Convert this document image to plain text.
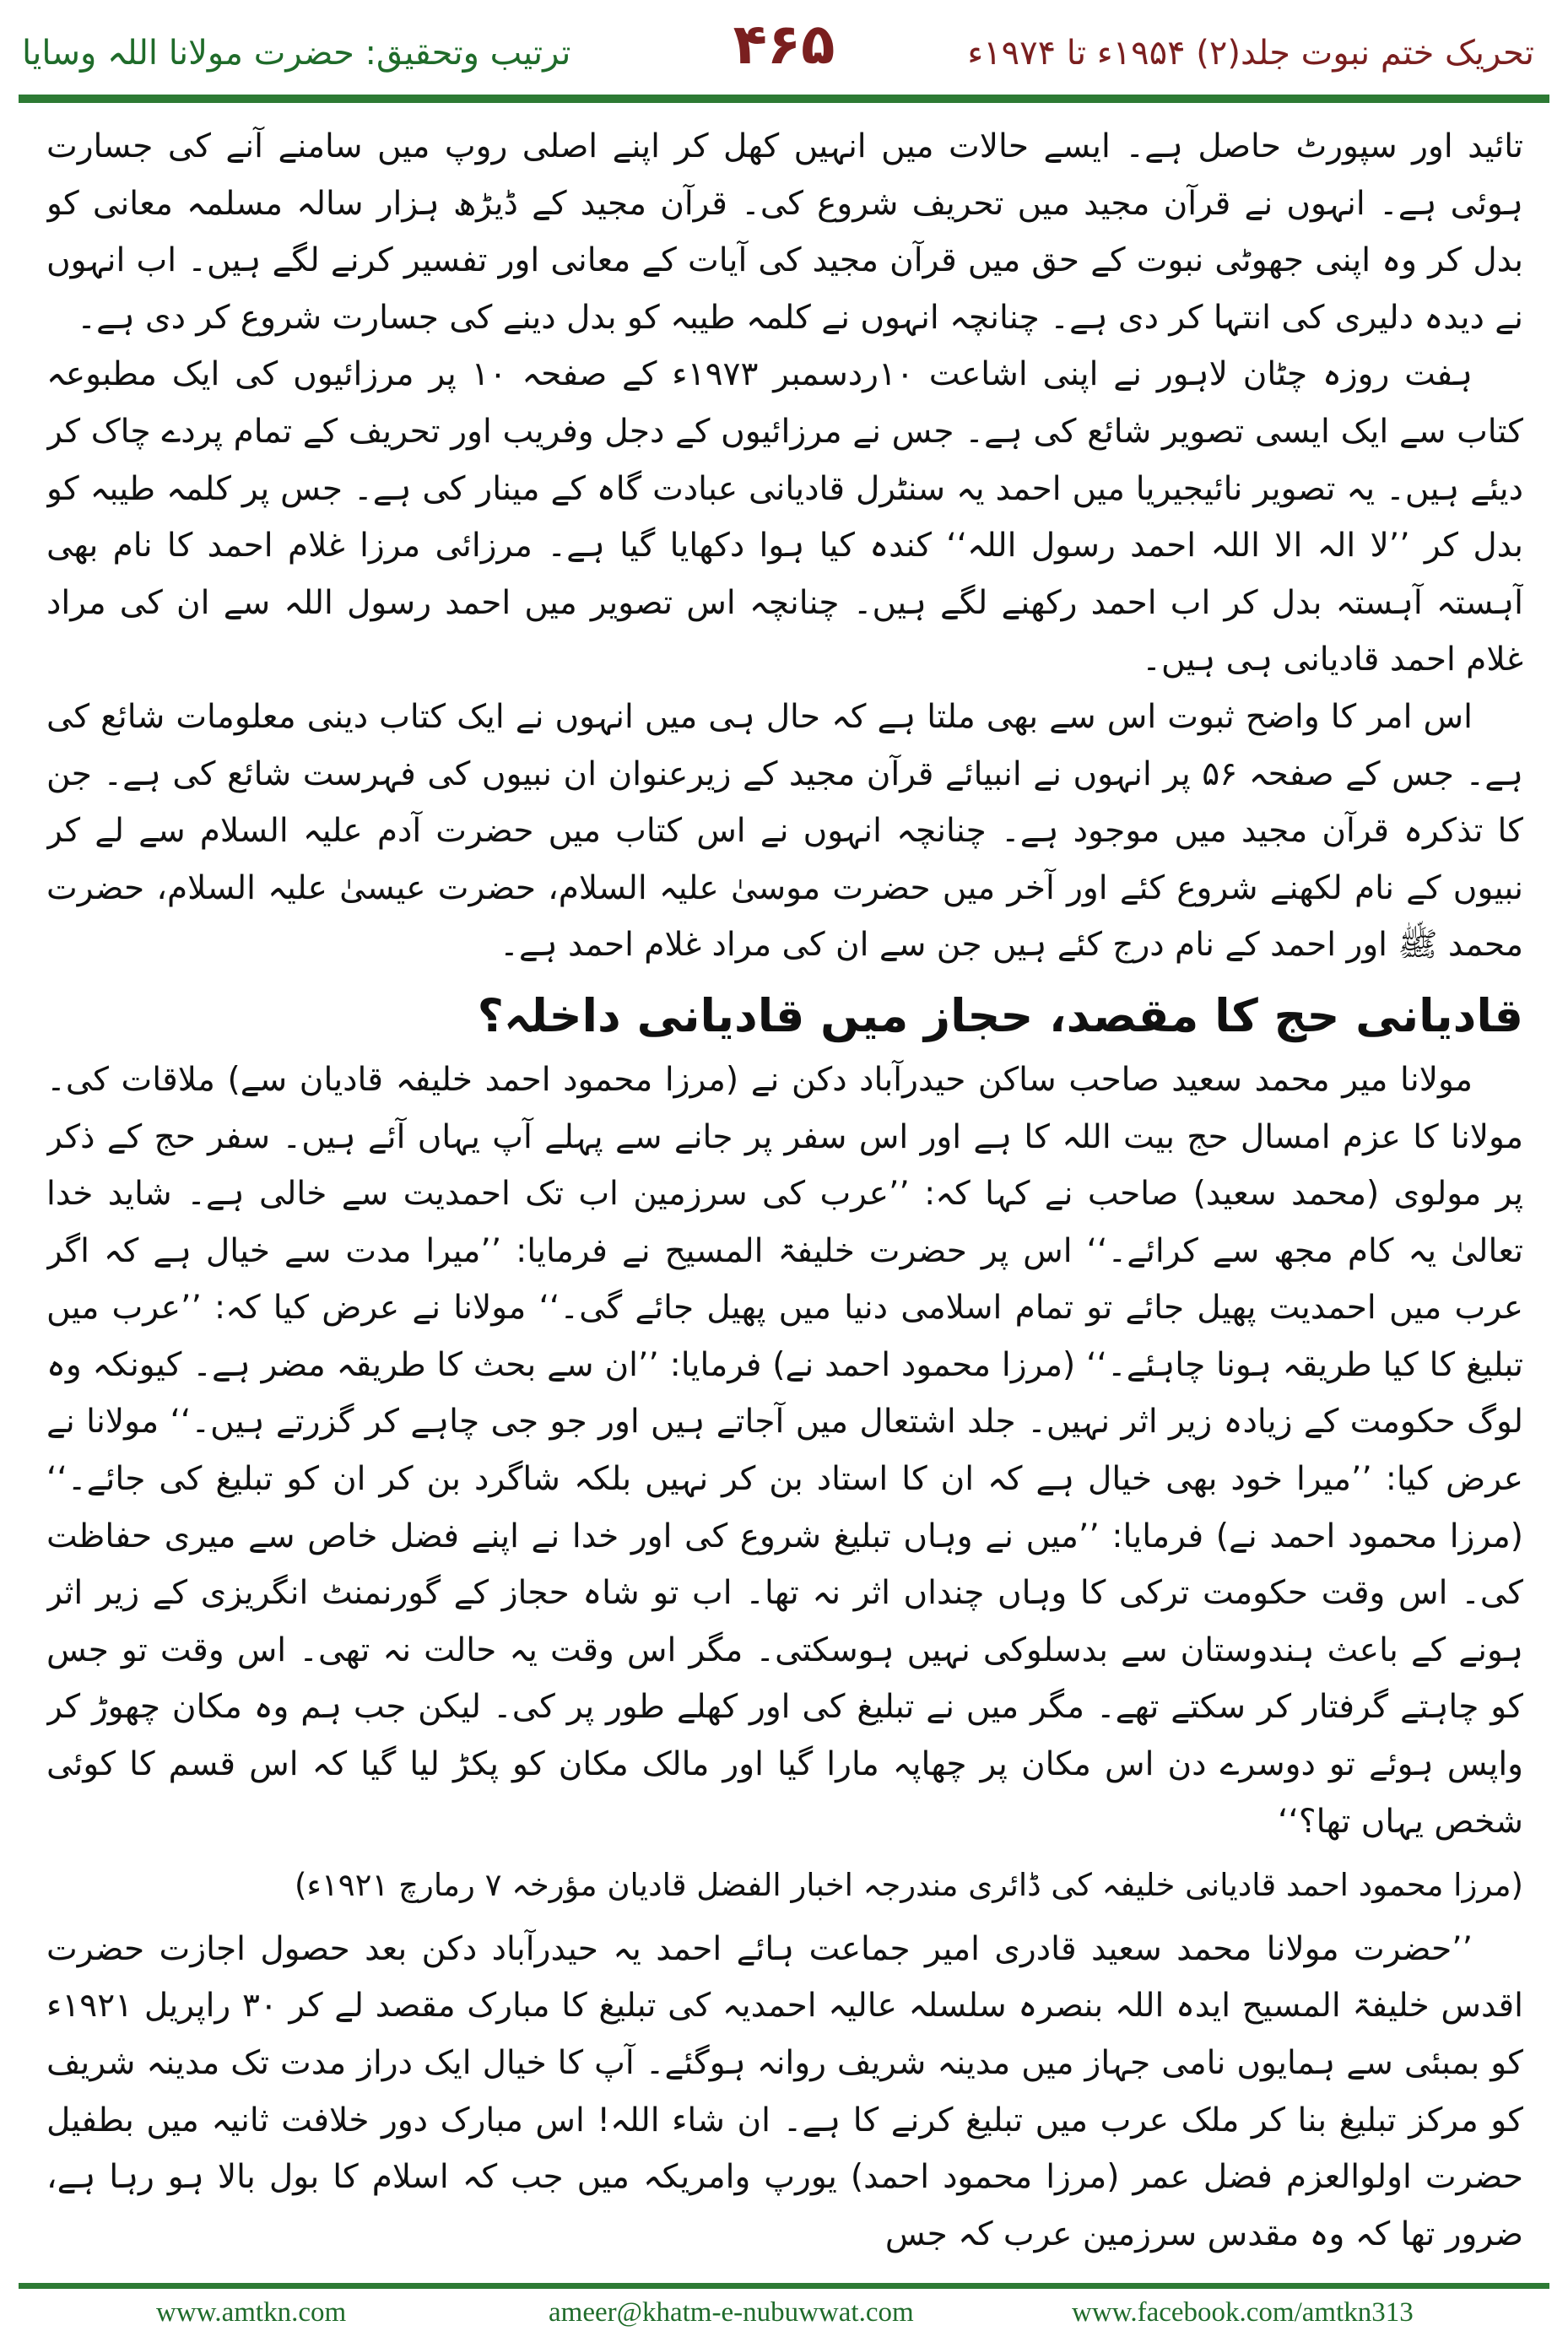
تحریک ختم نبوت جلد(۲) ۱۹۵۴ء تا ۱۹۷۴ء
۴۶۵
ترتیب وتحقیق: حضرت مولانا اللہ وسایا

تائید اور سپورٹ حاصل ہے۔ ایسے حالات میں انہیں کھل کر اپنے اصلی روپ میں سامنے آنے کی جسارت ہوئی ہے۔ انہوں نے قرآن مجید میں تحریف شروع کی۔ قرآن مجید کے ڈیڑھ ہزار سالہ مسلمہ معانی کو بدل کر وہ اپنی جھوٹی نبوت کے حق میں قرآن مجید کی آیات کے معانی اور تفسیر کرنے لگے ہیں۔ اب انہوں نے دیدہ دلیری کی انتہا کر دی ہے۔ چنانچہ انہوں نے کلمہ طیبہ کو بدل دینے کی جسارت شروع کر دی ہے۔

ہفت روزہ چٹان لاہور نے اپنی اشاعت ۱۰ردسمبر ۱۹۷۳ء کے صفحہ ۱۰ پر مرزائیوں کی ایک مطبوعہ کتاب سے ایک ایسی تصویر شائع کی ہے۔ جس نے مرزائیوں کے دجل وفریب اور تحریف کے تمام پردے چاک کر دیئے ہیں۔ یہ تصویر نائیجیریا میں احمد یہ سنٹرل قادیانی عبادت گاہ کے مینار کی ہے۔ جس پر کلمہ طیبہ کو بدل کر ’’لا الہ الا اللہ احمد رسول اللہ‘‘ کندہ کیا ہوا دکھایا گیا ہے۔ مرزائی مرزا غلام احمد کا نام بھی آہستہ آہستہ بدل کر اب احمد رکھنے لگے ہیں۔ چنانچہ اس تصویر میں احمد رسول اللہ سے ان کی مراد غلام احمد قادیانی ہی ہیں۔

اس امر کا واضح ثبوت اس سے بھی ملتا ہے کہ حال ہی میں انہوں نے ایک کتاب دینی معلومات شائع کی ہے۔ جس کے صفحہ ۵۶ پر انہوں نے انبیائے قرآن مجید کے زیرعنوان ان نبیوں کی فہرست شائع کی ہے۔ جن کا تذکرہ قرآن مجید میں موجود ہے۔ چنانچہ انہوں نے اس کتاب میں حضرت آدم علیہ السلام سے لے کر نبیوں کے نام لکھنے شروع کئے اور آخر میں حضرت موسیٰ علیہ السلام، حضرت عیسیٰ علیہ السلام، حضرت محمد ﷺ اور احمد کے نام درج کئے ہیں جن سے ان کی مراد غلام احمد ہے۔

قادیانی حج کا مقصد، حجاز میں قادیانی داخلہ؟

مولانا میر محمد سعید صاحب ساکن حیدرآباد دکن نے (مرزا محمود احمد خلیفہ قادیان سے) ملاقات کی۔ مولانا کا عزم امسال حج بیت اللہ کا ہے اور اس سفر پر جانے سے پہلے آپ یہاں آئے ہیں۔ سفر حج کے ذکر پر مولوی (محمد سعید) صاحب نے کہا کہ: ’’عرب کی سرزمین اب تک احمدیت سے خالی ہے۔ شاید خدا تعالیٰ یہ کام مجھ سے کرائے۔‘‘ اس پر حضرت خلیفۃ المسیح نے فرمایا: ’’میرا مدت سے خیال ہے کہ اگر عرب میں احمدیت پھیل جائے تو تمام اسلامی دنیا میں پھیل جائے گی۔‘‘ مولانا نے عرض کیا کہ: ’’عرب میں تبلیغ کا کیا طریقہ ہونا چاہئے۔‘‘ (مرزا محمود احمد نے) فرمایا: ’’ان سے بحث کا طریقہ مضر ہے۔ کیونکہ وہ لوگ حکومت کے زیادہ زیر اثر نہیں۔ جلد اشتعال میں آجاتے ہیں اور جو جی چاہے کر گزرتے ہیں۔‘‘ مولانا نے عرض کیا: ’’میرا خود بھی خیال ہے کہ ان کا استاد بن کر نہیں بلکہ شاگرد بن کر ان کو تبلیغ کی جائے۔‘‘ (مرزا محمود احمد نے) فرمایا: ’’میں نے وہاں تبلیغ شروع کی اور خدا نے اپنے فضل خاص سے میری حفاظت کی۔ اس وقت حکومت ترکی کا وہاں چنداں اثر نہ تھا۔ اب تو شاہ حجاز کے گورنمنٹ انگریزی کے زیر اثر ہونے کے باعث ہندوستان سے بدسلوکی نہیں ہوسکتی۔ مگر اس وقت یہ حالت نہ تھی۔ اس وقت تو جس کو چاہتے گرفتار کر سکتے تھے۔ مگر میں نے تبلیغ کی اور کھلے طور پر کی۔ لیکن جب ہم وہ مکان چھوڑ کر واپس ہوئے تو دوسرے دن اس مکان پر چھاپہ مارا گیا اور مالک مکان کو پکڑ لیا گیا کہ اس قسم کا کوئی شخص یہاں تھا؟‘‘

(مرزا محمود احمد قادیانی خلیفہ کی ڈائری مندرجہ اخبار الفضل قادیان مؤرخہ ۷ رمارچ ۱۹۲۱ء)

’’حضرت مولانا محمد سعید قادری امیر جماعت ہائے احمد یہ حیدرآباد دکن بعد حصول اجازت حضرت اقدس خلیفۃ المسیح ایدہ اللہ بنصرہ سلسلہ عالیہ احمدیہ کی تبلیغ کا مبارک مقصد لے کر ۳۰ راپریل ۱۹۲۱ء کو بمبئی سے ہمایوں نامی جہاز میں مدینہ شریف روانہ ہوگئے۔ آپ کا خیال ایک دراز مدت تک مدینہ شریف کو مرکز تبلیغ بنا کر ملک عرب میں تبلیغ کرنے کا ہے۔ ان شاء اللہ! اس مبارک دور خلافت ثانیہ میں بطفیل حضرت اولوالعزم فضل عمر (مرزا محمود احمد) یورپ وامریکہ میں جب کہ اسلام کا بول بالا ہو رہا ہے، ضرور تھا کہ وہ مقدس سرزمین عرب کہ جس

www.amtkn.com	ameer@khatm-e-nubuwwat.com	www.facebook.com/amtkn313
